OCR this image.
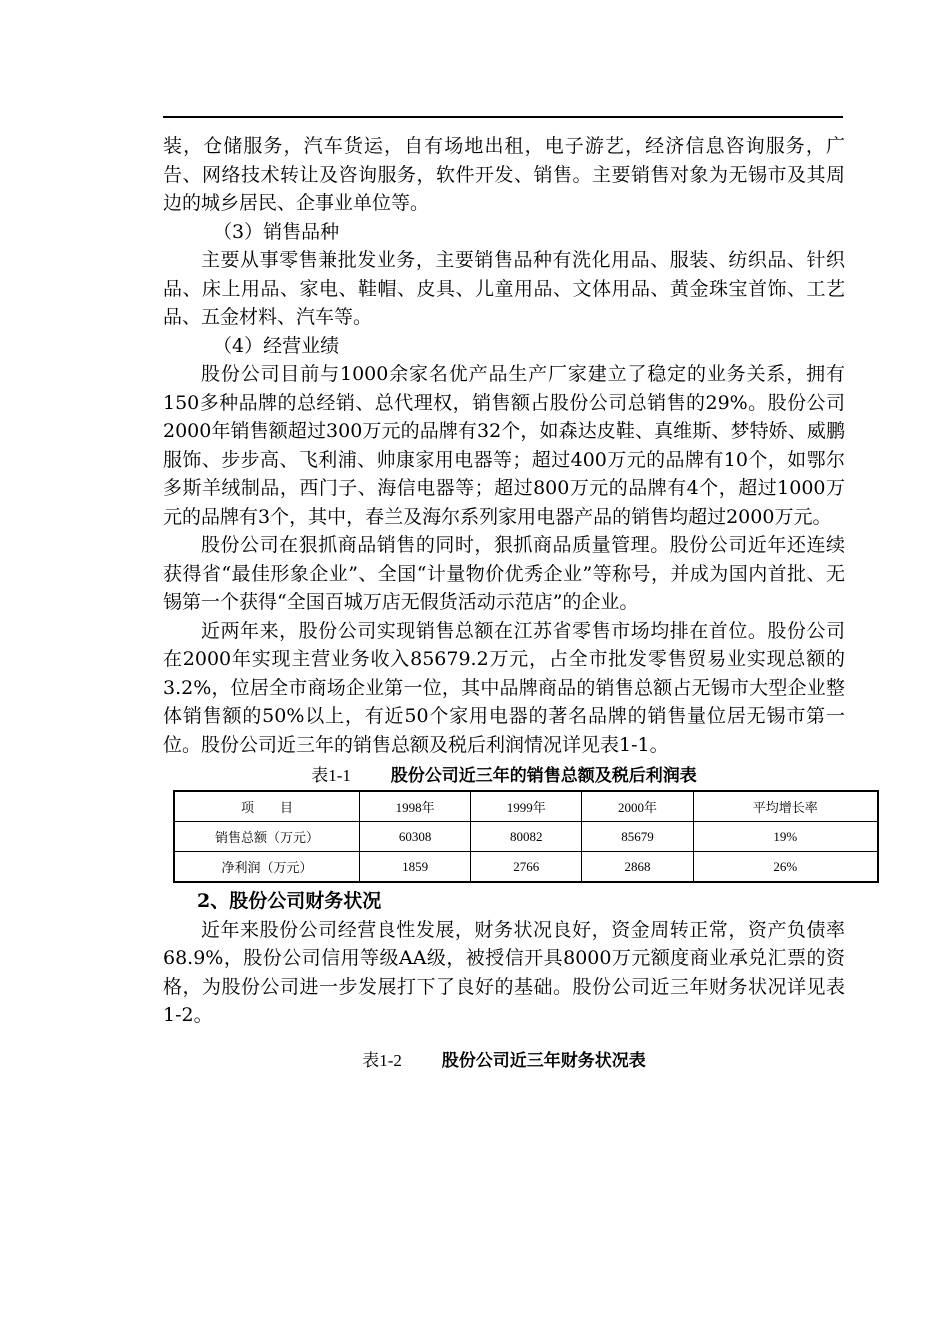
装，仓储服务，汽车货运，自有场地出租，电子游艺，经济信息咨询服务，广告、网络技术转让及咨询服务，软件开发、销售。主要销售对象为无锡市及其周边的城乡居民、企事业单位等。

（3）销售品种

主要从事零售兼批发业务，主要销售品种有洗化用品、服装、纺织品、针织品、床上用品、家电、鞋帽、皮具、儿童用品、文体用品、黄金珠宝首饰、工艺品、五金材料、汽车等。

（4）经营业绩

股份公司目前与1000余家名优产品生产厂家建立了稳定的业务关系，拥有150多种品牌的总经销、总代理权，销售额占股份公司总销售的29%。股份公司2000年销售额超过300万元的品牌有32个，如森达皮鞋、真维斯、梦特娇、威鹏服饰、步步高、飞利浦、帅康家用电器等；超过400万元的品牌有10个，如鄂尔多斯羊绒制品，西门子、海信电器等；超过800万元的品牌有4个，超过1000万元的品牌有3个，其中，春兰及海尔系列家用电器产品的销售均超过2000万元。

股份公司在狠抓商品销售的同时，狠抓商品质量管理。股份公司近年还连续获得省“最佳形象企业”、全国“计量物价优秀企业”等称号，并成为国内首批、无锡第一个获得“全国百城万店无假货活动示范店”的企业。

近两年来，股份公司实现销售总额在江苏省零售市场均排在首位。股份公司在2000年实现主营业务收入85679.2万元，占全市批发零售贸易业实现总额的3.2%，位居全市商场企业第一位，其中品牌商品的销售总额占无锡市大型企业整体销售额的50%以上，有近50个家用电器的著名品牌的销售量位居无锡市第一位。股份公司近三年的销售总额及税后利润情况详见表1-1。

表1-1 股份公司近三年的销售总额及税后利润表
项　　目	1998年	1999年	2000年	平均增长率
销售总额（万元）	60308	80082	85679	19%
净利润（万元）	1859	2766	2868	26%

2、股份公司财务状况

近年来股份公司经营良性发展，财务状况良好，资金周转正常，资产负债率68.9%，股份公司信用等级AA级，被授信开具8000万元额度商业承兑汇票的资格，为股份公司进一步发展打下了良好的基础。股份公司近三年财务状况详见表1-2。

表1-2 股份公司近三年财务状况表
